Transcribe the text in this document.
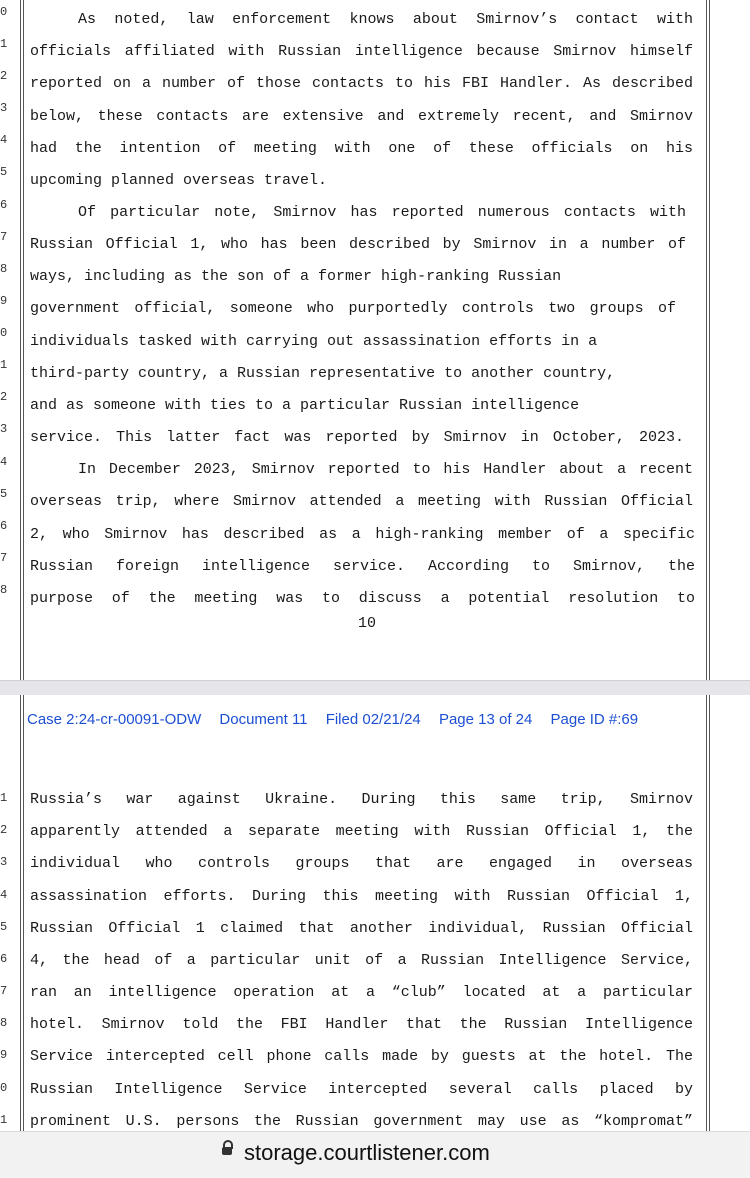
0
1
2
3
4
5
6
7
8
9
0
1
2
3
4
5
6
7
8

As noted, law enforcement knows about Smirnov’s contact with

officials affiliated with Russian intelligence because Smirnov himself

reported on a number of those contacts to his FBI Handler. As described

below, these contacts are extensive and extremely recent, and Smirnov

had the intention of meeting with one of these officials on his

upcoming planned overseas travel.

Of particular note, Smirnov has reported numerous contacts with

Russian Official 1, who has been described by Smirnov in a number of

ways, including as the son of a former high-ranking Russian

government official, someone who purportedly controls two groups of

individuals tasked with carrying out assassination efforts in a

third-party country, a Russian representative to another country,

and as someone with ties to a particular Russian intelligence

service. This latter fact was reported by Smirnov in October, 2023.

In December 2023, Smirnov reported to his Handler about a recent

overseas trip, where Smirnov attended a meeting with Russian Official

2, who Smirnov has described as a high-ranking member of a specific

Russian foreign intelligence service. According to Smirnov, the

purpose of the meeting was to discuss a potential resolution to

10
Case 2:24-cr-00091-ODW Document 11 Filed 02/21/24 Page 13 of 24 Page ID #:69
1
2
3
4
5
6
7
8
9
0
1

Russia’s war against Ukraine. During this same trip, Smirnov

apparently attended a separate meeting with Russian Official 1, the

individual who controls groups that are engaged in overseas

assassination efforts. During this meeting with Russian Official 1,

Russian Official 1 claimed that another individual, Russian Official

4, the head of a particular unit of a Russian Intelligence Service,

ran an intelligence operation at a “club” located at a particular

hotel. Smirnov told the FBI Handler that the Russian Intelligence

Service intercepted cell phone calls made by guests at the hotel. The

Russian Intelligence Service intercepted several calls placed by

prominent U.S. persons the Russian government may use as “kompromat”

storage.courtlistener.com
